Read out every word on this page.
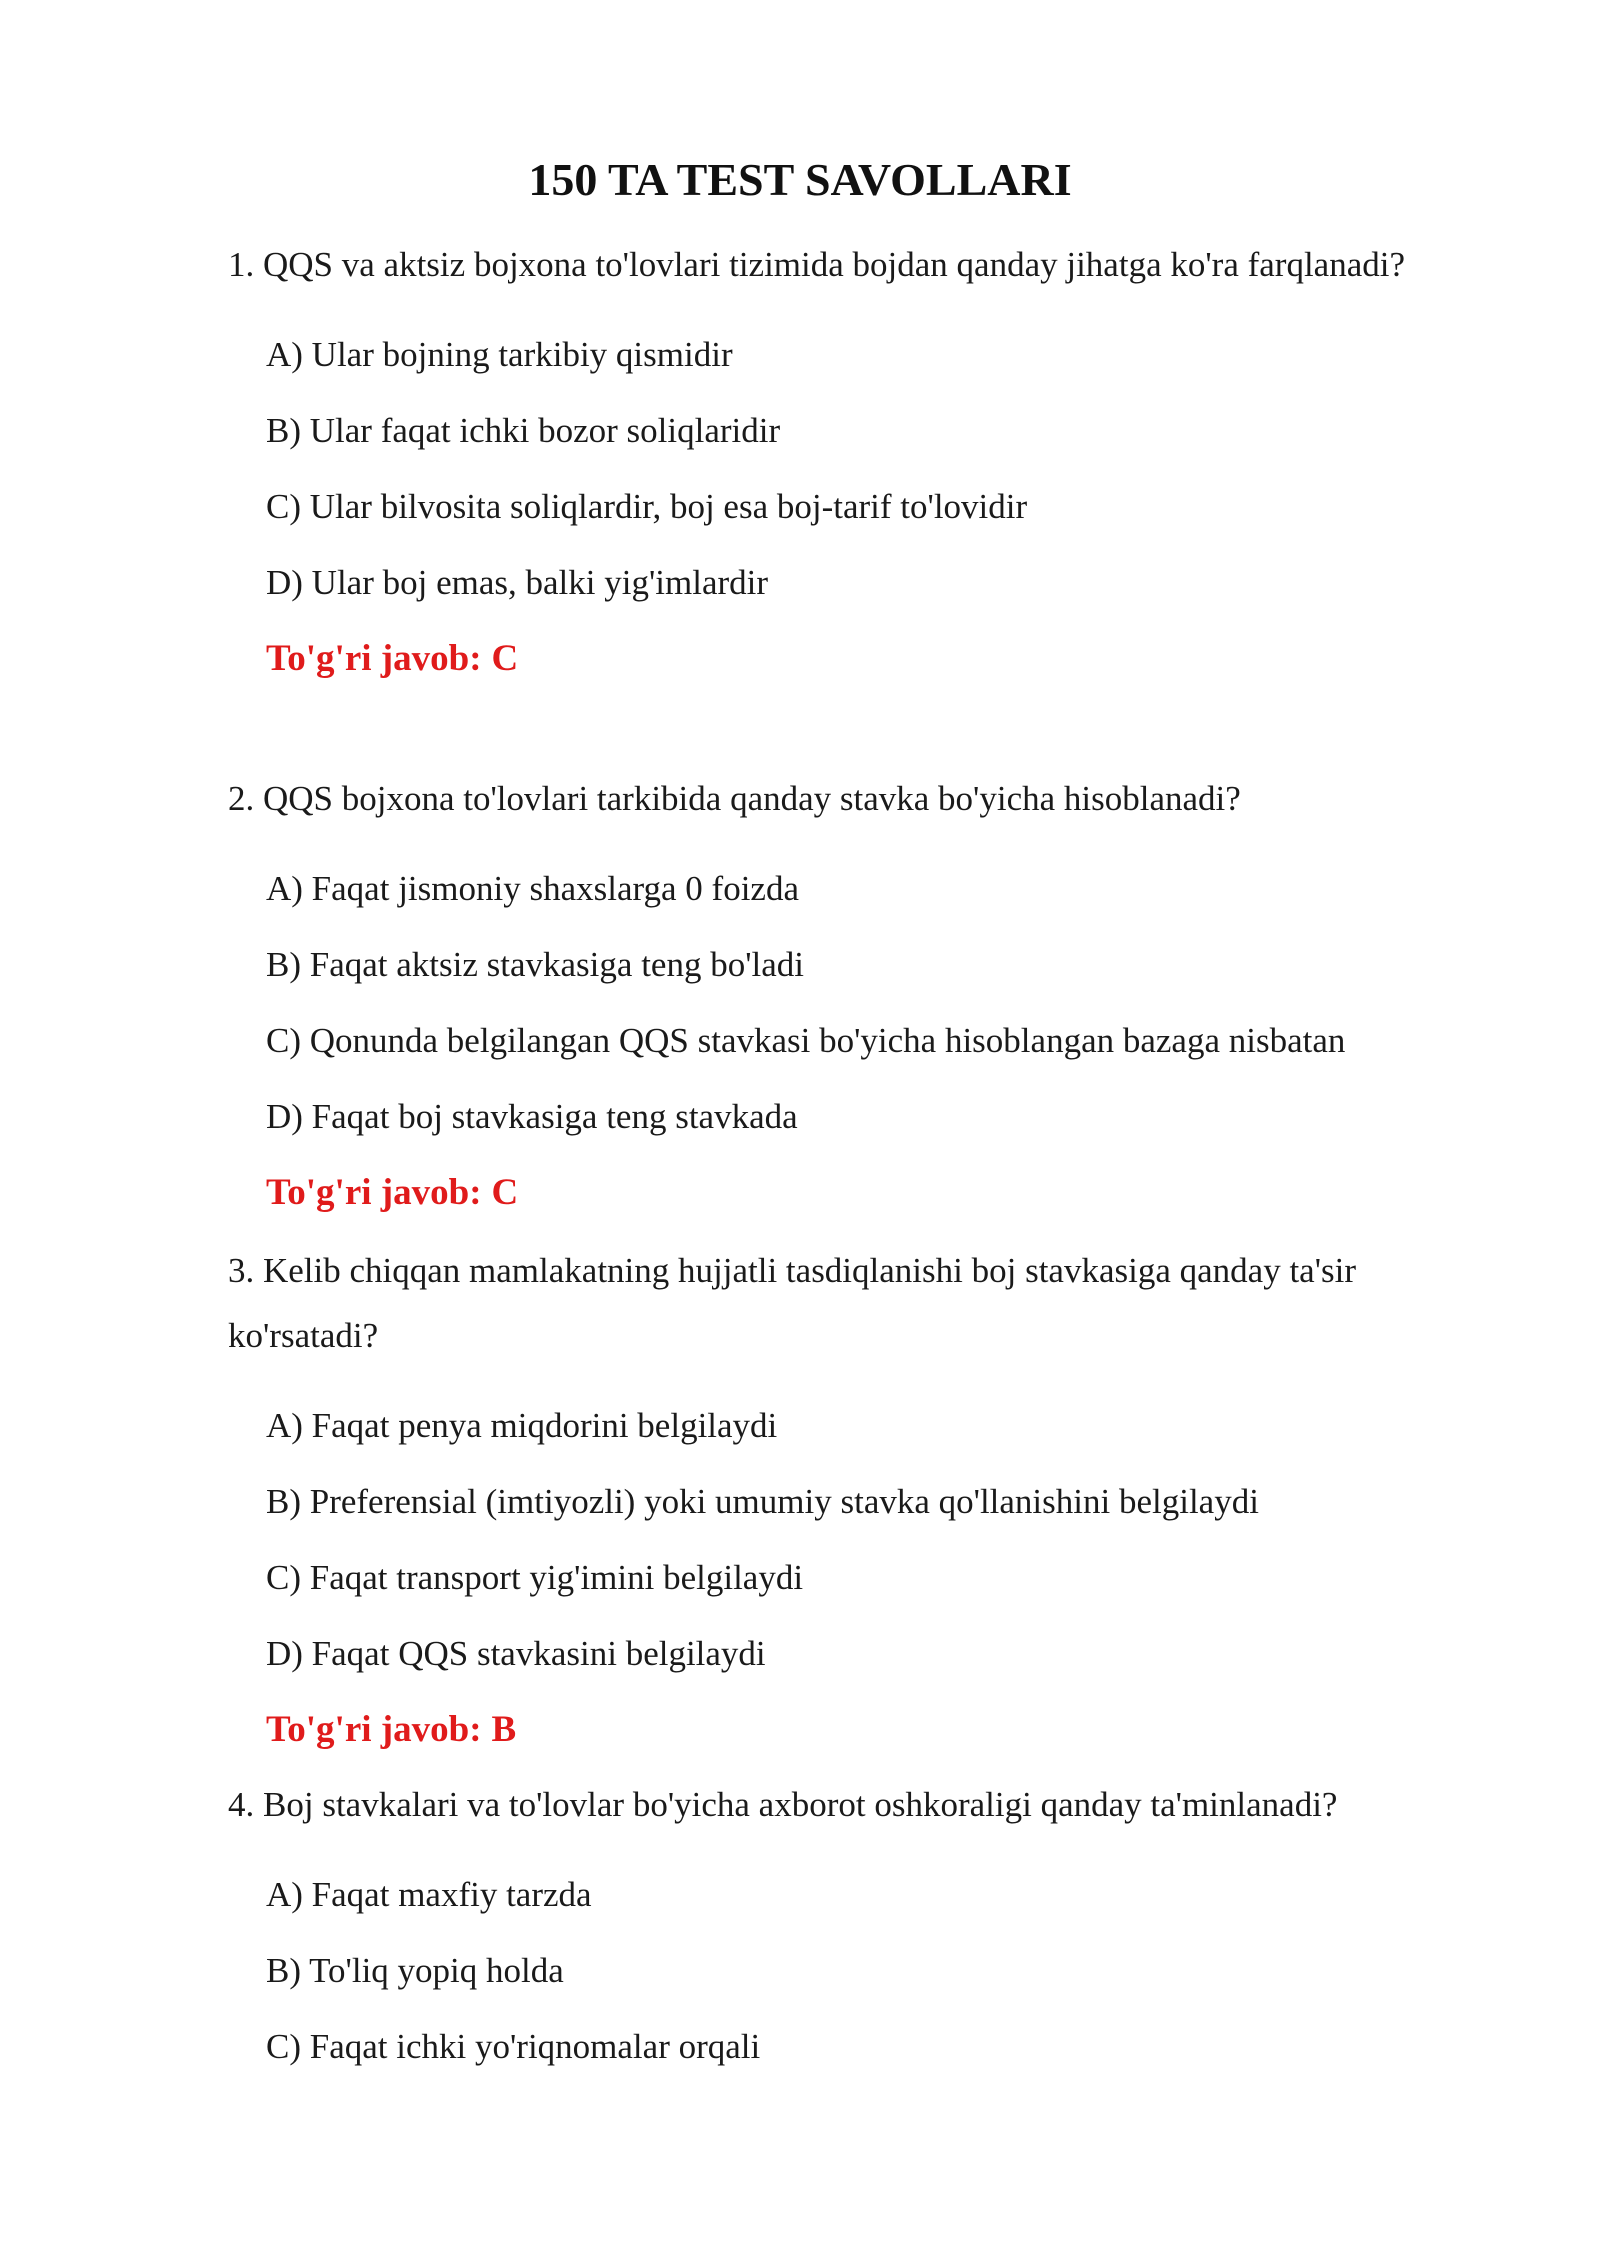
150 TA TEST SAVOLLARI

1. QQS va aktsiz bojxona to'lovlari tizimida bojdan qanday jihatga ko'ra farqlanadi?

A) Ular bojning tarkibiy qismidir
B) Ular faqat ichki bozor soliqlaridir
C) Ular bilvosita soliqlardir, boj esa boj-tarif to'lovidir
D) Ular boj emas, balki yig'imlardir

To'g'ri javob: C

2. QQS bojxona to'lovlari tarkibida qanday stavka bo'yicha hisoblanadi?

A) Faqat jismoniy shaxslarga 0 foizda
B) Faqat aktsiz stavkasiga teng bo'ladi
C) Qonunda belgilangan QQS stavkasi bo'yicha hisoblangan bazaga nisbatan
D) Faqat boj stavkasiga teng stavkada

To'g'ri javob: C

3. Kelib chiqqan mamlakatning hujjatli tasdiqlanishi boj stavkasiga qanday ta'sir ko'rsatadi?

A) Faqat penya miqdorini belgilaydi
B) Preferensial (imtiyozli) yoki umumiy stavka qo'llanishini belgilaydi
C) Faqat transport yig'imini belgilaydi
D) Faqat QQS stavkasini belgilaydi

To'g'ri javob: B

4. Boj stavkalari va to'lovlar bo'yicha axborot oshkoraligi qanday ta'minlanadi?

A) Faqat maxfiy tarzda
B) To'liq yopiq holda
C) Faqat ichki yo'riqnomalar orqali
